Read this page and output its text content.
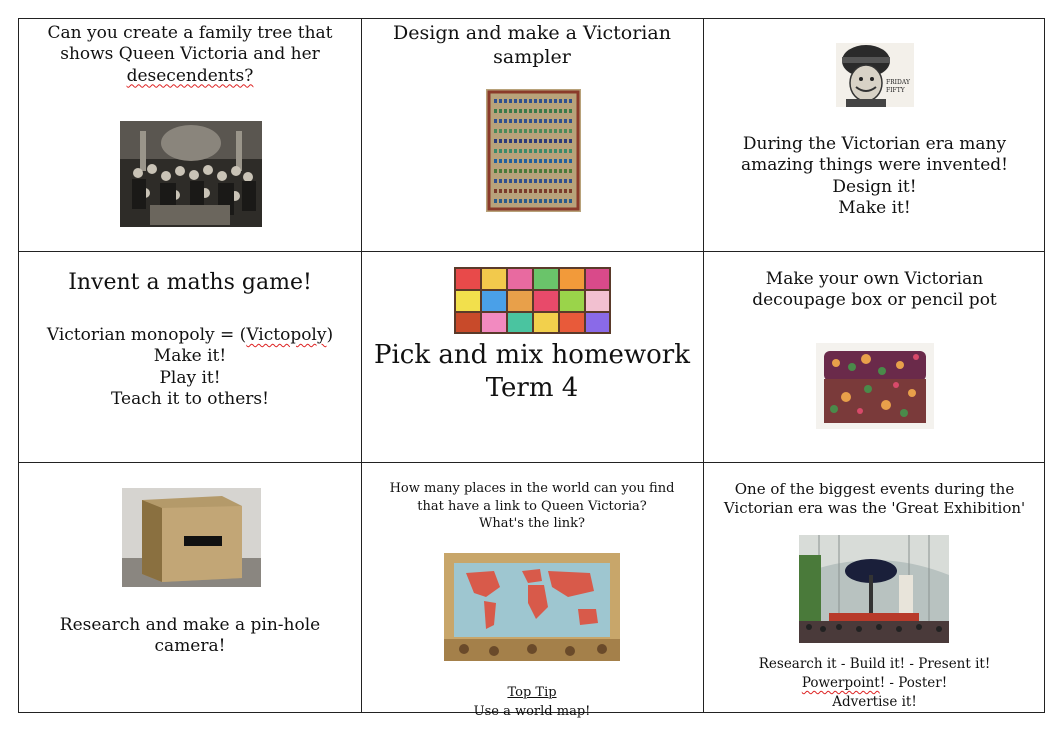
Can you create a family tree that
shows Queen Victoria and her
desecendents?
Design and make a Victorian
sampler
FRIDAY FIFTY
During the Victorian era many
amazing things were invented!
Design it!
Make it!
Invent a maths game!
Victorian monopoly = (Victopoly)
Make it!
Play it!
Teach it to others!
Pick and mix homework
Term 4
Make your own Victorian
decoupage box or pencil pot
Research and make a pin-hole
camera!
How many places in the world can you find
that have a link to Queen Victoria?
What's the link?
Top Tip
Use a world map!
One of the biggest events during the
Victorian era was the 'Great Exhibition'
Research it - Build it! - Present it!
Powerpoint! - Poster!
Advertise it!
